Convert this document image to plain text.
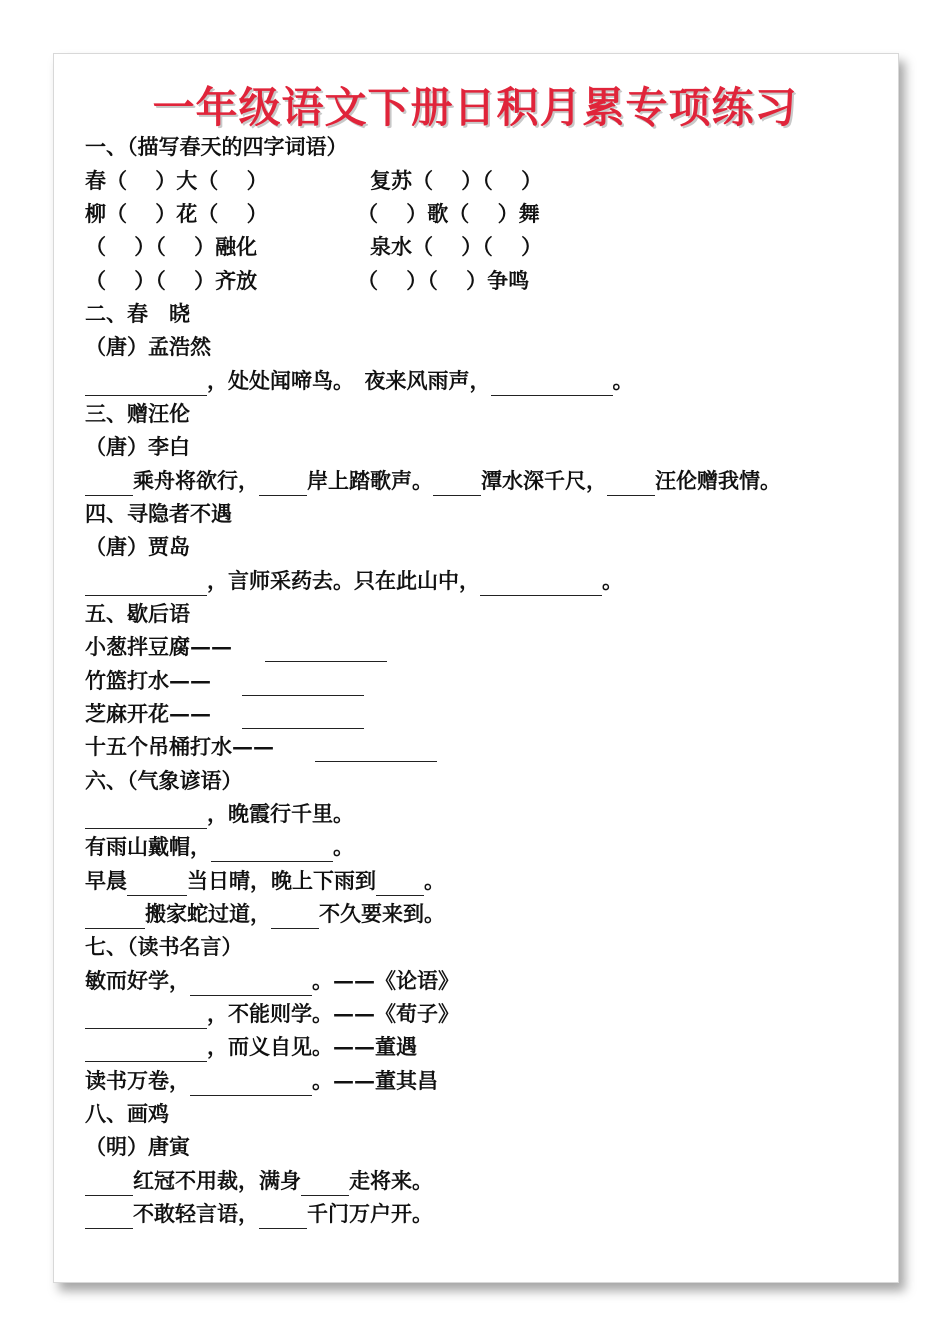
一年级语文下册日积月累专项练习
一、（描写春天的四字词语）
春（　 ）大（　 ）	复苏（　 ）（　 ）
柳（　 ）花（　 ）	（　 ）歌（　 ）舞
（　 ）（　 ）融化	泉水（　 ）（　 ）
（　 ）（　 ）齐放	（　 ）（　 ）争鸣
二、春　晓
（唐）孟浩然
，处处闻啼鸟。　夜来风雨声，	。
三、赠汪伦
（唐）李白
乘舟将欲行， 岸上踏歌声。 潭水深千尺， 汪伦赠我情。
四、寻隐者不遇
（唐）贾岛
，言师采药去。只在此山中，	。
五、歇后语
小葱拌豆腐——
竹篮打水——
芝麻开花——
十五个吊桶打水——
六、（气象谚语）
，晚霞行千里。
有雨山戴帽，	。
早晨	当日晴，晚上下雨到 。
搬家蛇过道， 不久要来到。
七、（读书名言）
敏而好学，	。——《论语》
，不能则学。——《荀子》
，而义自见。——董遇
读书万卷，	。——董其昌
八、画鸡
（明）唐寅
红冠不用裁，满身 走将来。
不敢轻言语， 千门万户开。
